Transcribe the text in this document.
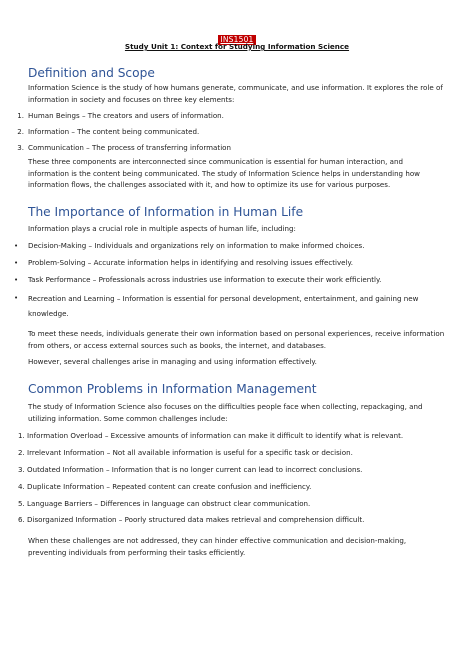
INS1501
Study Unit 1: Context for Studying Information Science
Definition and Scope
Information Science is the study of how humans generate, communicate, and use information. It explores the role of information in society and focuses on three key elements:
1. Human Beings – The creators and users of information.
2. Information – The content being communicated.
3. Communication – The process of transferring information
These three components are interconnected since communication is essential for human interaction, and information is the content being communicated. The study of Information Science helps in understanding how information flows, the challenges associated with it, and how to optimize its use for various purposes.
The Importance of Information in Human Life
Information plays a crucial role in multiple aspects of human life, including:
•	Decision-Making – Individuals and organizations rely on information to make informed choices.
•	Problem-Solving – Accurate information helps in identifying and resolving issues effectively.
•	Task Performance – Professionals across industries use information to execute their work efficiently.
•	Recreation and Learning – Information is essential for personal development, entertainment, and gaining new knowledge.
To meet these needs, individuals generate their own information based on personal experiences, receive information from others, or access external sources such as books, the internet, and databases.
However, several challenges arise in managing and using information effectively.
Common Problems in Information Management
The study of Information Science also focuses on the difficulties people face when collecting, repackaging, and utilizing information. Some common challenges include:
1. Information Overload – Excessive amounts of information can make it difficult to identify what is relevant.
2. Irrelevant Information – Not all available information is useful for a specific task or decision.
3. Outdated Information – Information that is no longer current can lead to incorrect conclusions.
4. Duplicate Information – Repeated content can create confusion and inefficiency.
5. Language Barriers – Differences in language can obstruct clear communication.
6. Disorganized Information – Poorly structured data makes retrieval and comprehension difficult.
When these challenges are not addressed, they can hinder effective communication and decision-making, preventing individuals from performing their tasks efficiently.
